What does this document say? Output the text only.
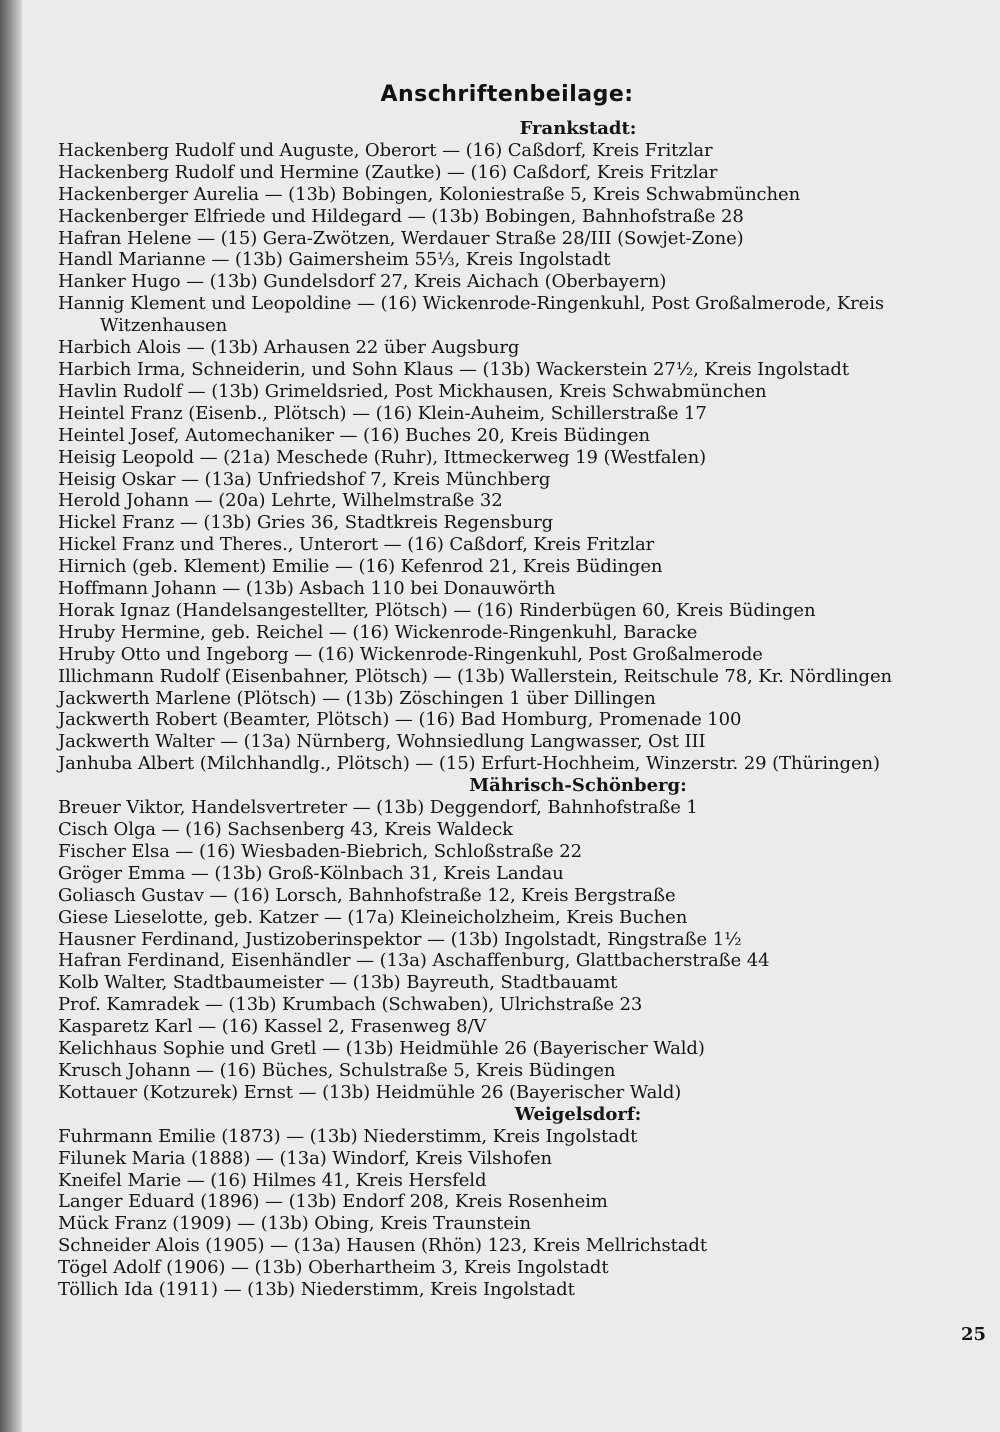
Anschriftenbeilage:
Frankstadt:
Hackenberg Rudolf und Auguste, Oberort — (16) Caßdorf, Kreis Fritzlar
Hackenberg Rudolf und Hermine (Zautke) — (16) Caßdorf, Kreis Fritzlar
Hackenberger Aurelia — (13b) Bobingen, Koloniestraße 5, Kreis Schwabmünchen
Hackenberger Elfriede und Hildegard — (13b) Bobingen, Bahnhofstraße 28
Hafran Helene — (15) Gera-Zwötzen, Werdauer Straße 28/III (Sowjet-Zone)
Handl Marianne — (13b) Gaimersheim 55⅓, Kreis Ingolstadt
Hanker Hugo — (13b) Gundelsdorf 27, Kreis Aichach (Oberbayern)
Hannig Klement und Leopoldine — (16) Wickenrode-Ringenkuhl, Post Großalmerode, Kreis
Witzenhausen
Harbich Alois — (13b) Arhausen 22 über Augsburg
Harbich Irma, Schneiderin, und Sohn Klaus — (13b) Wackerstein 27½, Kreis Ingolstadt
Havlin Rudolf — (13b) Grimeldsried, Post Mickhausen, Kreis Schwabmünchen
Heintel Franz (Eisenb., Plötsch) — (16) Klein-Auheim, Schillerstraße 17
Heintel Josef, Automechaniker — (16) Buches 20, Kreis Büdingen
Heisig Leopold — (21a) Meschede (Ruhr), Ittmeckerweg 19 (Westfalen)
Heisig Oskar — (13a) Unfriedshof 7, Kreis Münchberg
Herold Johann — (20a) Lehrte, Wilhelmstraße 32
Hickel Franz — (13b) Gries 36, Stadtkreis Regensburg
Hickel Franz und Theres., Unterort — (16) Caßdorf, Kreis Fritzlar
Hirnich (geb. Klement) Emilie — (16) Kefenrod 21, Kreis Büdingen
Hoffmann Johann — (13b) Asbach 110 bei Donauwörth
Horak Ignaz (Handelsangestellter, Plötsch) — (16) Rinderbügen 60, Kreis Büdingen
Hruby Hermine, geb. Reichel — (16) Wickenrode-Ringenkuhl, Baracke
Hruby Otto und Ingeborg — (16) Wickenrode-Ringenkuhl, Post Großalmerode
Illichmann Rudolf (Eisenbahner, Plötsch) — (13b) Wallerstein, Reitschule 78, Kr. Nördlingen
Jackwerth Marlene (Plötsch) — (13b) Zöschingen 1 über Dillingen
Jackwerth Robert (Beamter, Plötsch) — (16) Bad Homburg, Promenade 100
Jackwerth Walter — (13a) Nürnberg, Wohnsiedlung Langwasser, Ost III
Janhuba Albert (Milchhandlg., Plötsch) — (15) Erfurt-Hochheim, Winzerstr. 29 (Thüringen)
Mährisch-Schönberg:
Breuer Viktor, Handelsvertreter — (13b) Deggendorf, Bahnhofstraße 1
Cisch Olga — (16) Sachsenberg 43, Kreis Waldeck
Fischer Elsa — (16) Wiesbaden-Biebrich, Schloßstraße 22
Gröger Emma — (13b) Groß-Kölnbach 31, Kreis Landau
Goliasch Gustav — (16) Lorsch, Bahnhofstraße 12, Kreis Bergstraße
Giese Lieselotte, geb. Katzer — (17a) Kleineicholzheim, Kreis Buchen
Hausner Ferdinand, Justizoberinspektor — (13b) Ingolstadt, Ringstraße 1½
Hafran Ferdinand, Eisenhändler — (13a) Aschaffenburg, Glattbacherstraße 44
Kolb Walter, Stadtbaumeister — (13b) Bayreuth, Stadtbauamt
Prof. Kamradek — (13b) Krumbach (Schwaben), Ulrichstraße 23
Kasparetz Karl — (16) Kassel 2, Frasenweg 8/V
Kelichhaus Sophie und Gretl — (13b) Heidmühle 26 (Bayerischer Wald)
Krusch Johann — (16) Büches, Schulstraße 5, Kreis Büdingen
Kottauer (Kotzurek) Ernst — (13b) Heidmühle 26 (Bayerischer Wald)
Weigelsdorf:
Fuhrmann Emilie (1873) — (13b) Niederstimm, Kreis Ingolstadt
Filunek Maria (1888) — (13a) Windorf, Kreis Vilshofen
Kneifel Marie — (16) Hilmes 41, Kreis Hersfeld
Langer Eduard (1896) — (13b) Endorf 208, Kreis Rosenheim
Mück Franz (1909) — (13b) Obing, Kreis Traunstein
Schneider Alois (1905) — (13a) Hausen (Rhön) 123, Kreis Mellrichstadt
Tögel Adolf (1906) — (13b) Oberhartheim 3, Kreis Ingolstadt
Töllich Ida (1911) — (13b) Niederstimm, Kreis Ingolstadt
25
